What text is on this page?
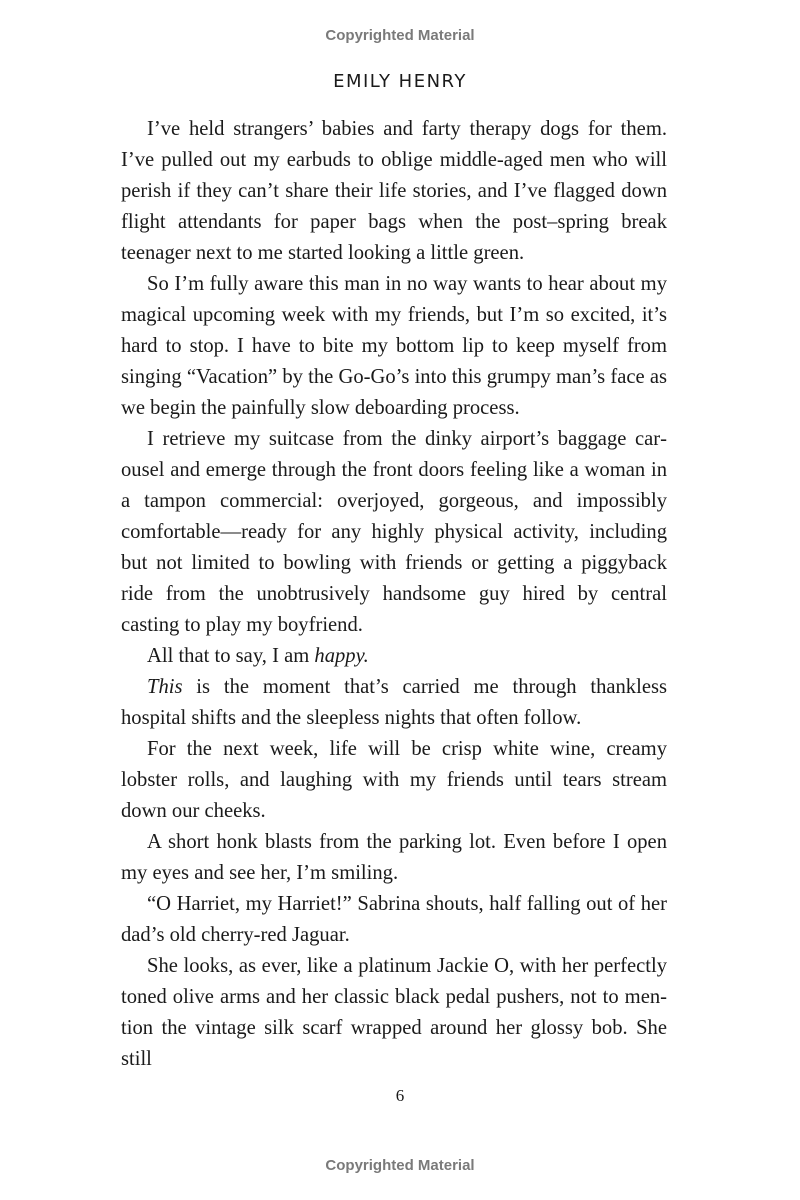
Copyrighted Material
EMILY HENRY

I’ve held strangers’ babies and farty therapy dogs for them. I’ve pulled out my earbuds to oblige middle-aged men who will perish if they can’t share their life stories, and I’ve flagged down flight attendants for paper bags when the post–spring break teenager next to me started looking a little green.

So I’m fully aware this man in no way wants to hear about my magical upcoming week with my friends, but I’m so excited, it’s hard to stop. I have to bite my bottom lip to keep myself from singing “Vacation” by the Go-Go’s into this grumpy man’s face as we begin the painfully slow deboarding process.

I retrieve my suitcase from the dinky airport’s baggage carousel and emerge through the front doors feeling like a woman in a tampon commercial: overjoyed, gorgeous, and impossibly comfortable—ready for any highly physical activity, including but not limited to bowling with friends or getting a piggyback ride from the unobtrusively handsome guy hired by central casting to play my boyfriend.

All that to say, I am happy.

This is the moment that’s carried me through thankless hospital shifts and the sleepless nights that often follow.

For the next week, life will be crisp white wine, creamy lobster rolls, and laughing with my friends until tears stream down our cheeks.

A short honk blasts from the parking lot. Even before I open my eyes and see her, I’m smiling.

“O Harriet, my Harriet!” Sabrina shouts, half falling out of her dad’s old cherry-red Jaguar.

She looks, as ever, like a platinum Jackie O, with her perfectly toned olive arms and her classic black pedal pushers, not to mention the vintage silk scarf wrapped around her glossy bob. She still

6
Copyrighted Material
